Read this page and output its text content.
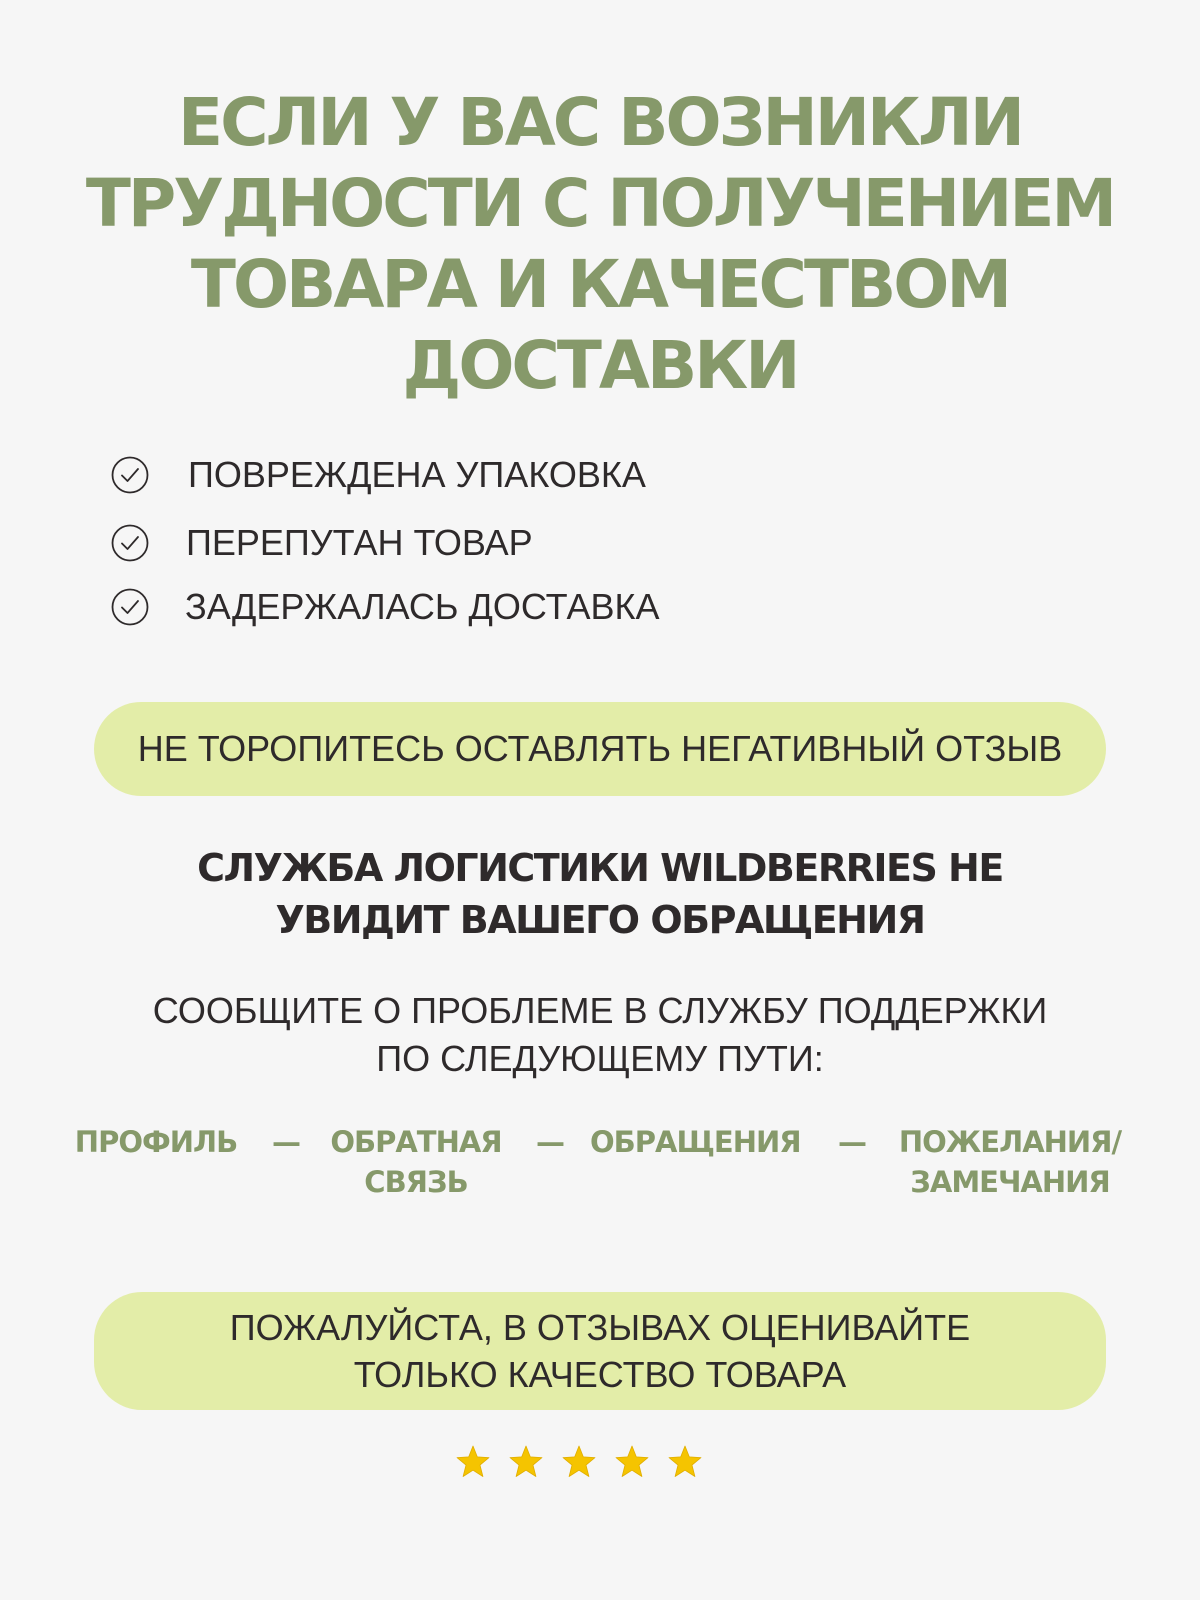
ЕСЛИ У ВАС ВОЗНИКЛИ
ТРУДНОСТИ С ПОЛУЧЕНИЕМ
ТОВАРА И КАЧЕСТВОМ
ДОСТАВКИ
ПОВРЕЖДЕНА УПАКОВКА
ПЕРЕПУТАН ТОВАР
ЗАДЕРЖАЛАСЬ ДОСТАВКА
НЕ ТОРОПИТЕСЬ ОСТАВЛЯТЬ НЕГАТИВНЫЙ ОТЗЫВ
СЛУЖБА ЛОГИСТИКИ WILDBERRIES НЕ
УВИДИТ ВАШЕГО ОБРАЩЕНИЯ
СООБЩИТЕ О ПРОБЛЕМЕ В СЛУЖБУ ПОДДЕРЖКИ
ПО СЛЕДУЮЩЕМУ ПУТИ:
ПРОФИЛЬ — ОБРАТНАЯ
СВЯЗЬ
— ОБРАЩЕНИЯ —	ПОЖЕЛАНИЯ/
ЗАМЕЧАНИЯ
ПОЖАЛУЙСТА, В ОТЗЫВАХ ОЦЕНИВАЙТЕ
ТОЛЬКО КАЧЕСТВО ТОВАРА
